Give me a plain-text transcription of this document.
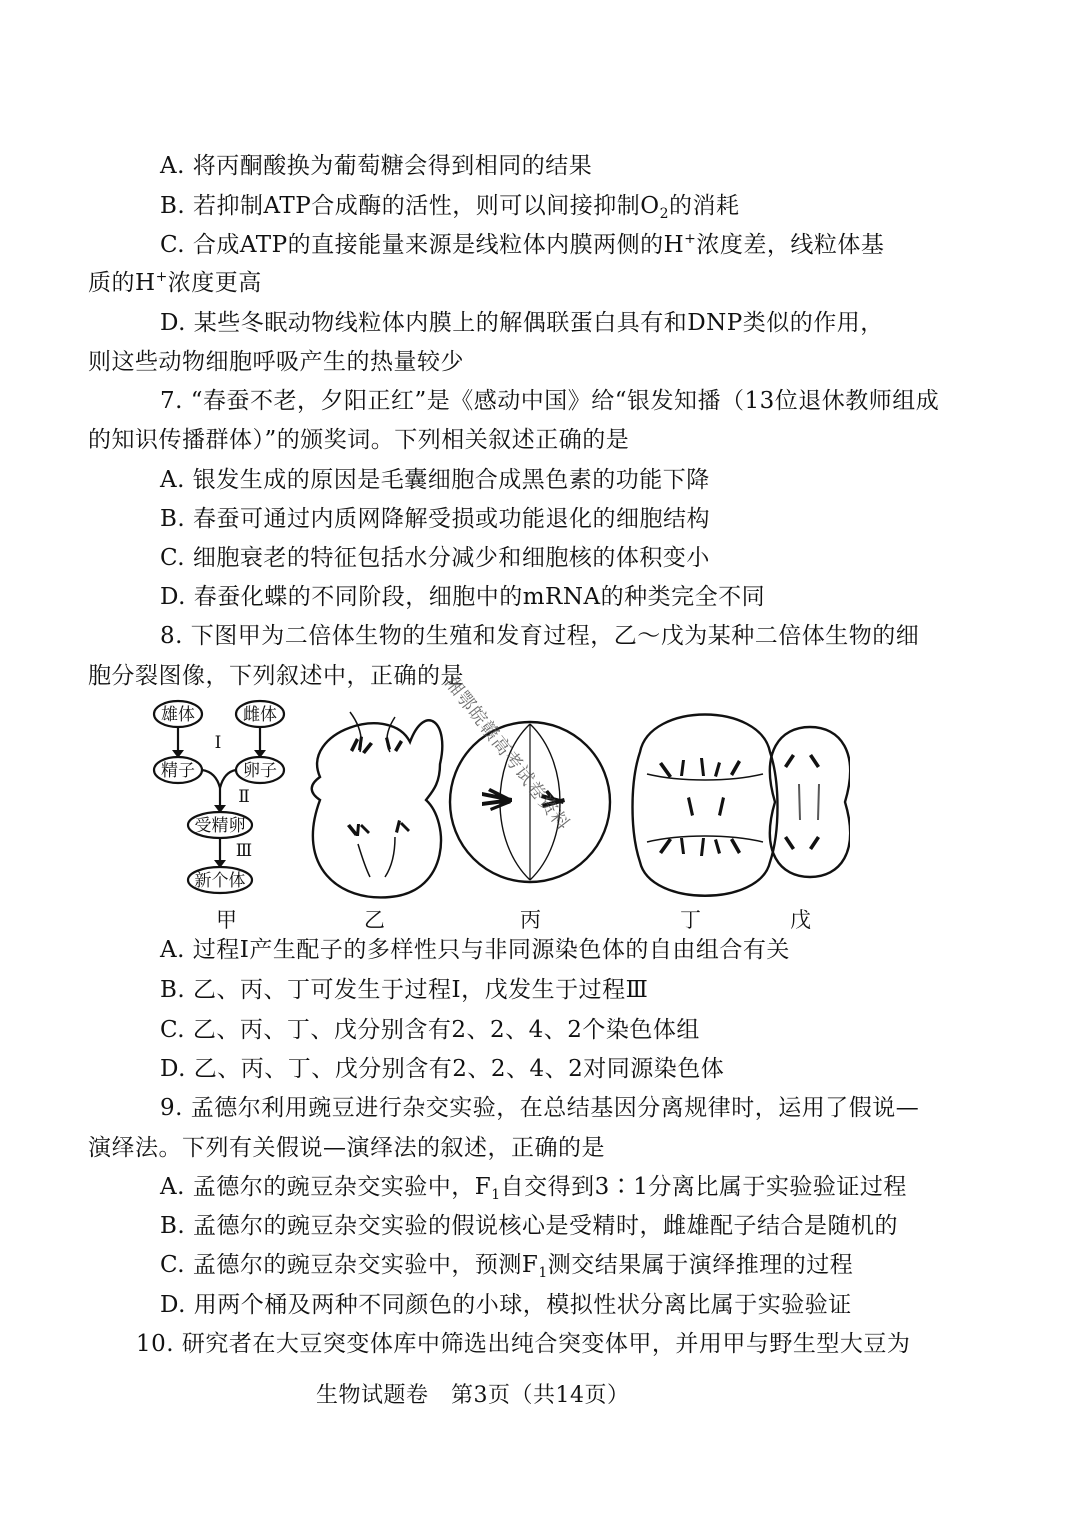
A. 将丙酮酸换为葡萄糖会得到相同的结果
B. 若抑制ATP合成酶的活性，则可以间接抑制$O_2$的消耗
C. 合成ATP的直接能量来源是线粒体内膜两侧的H+浓度差，线粒体基
质的H+浓度更高
D. 某些冬眠动物线粒体内膜上的解偶联蛋白具有和DNP类似的作用，
则这些动物细胞呼吸产生的热量较少
7. “春蚕不老，夕阳正红”是《感动中国》给“银发知播（13位退休教师组成
的知识传播群体）”的颁奖词。下列相关叙述正确的是
A. 银发生成的原因是毛囊细胞合成黑色素的功能下降
B. 春蚕可通过内质网降解受损或功能退化的细胞结构
C. 细胞衰老的特征包括水分减少和细胞核的体积变小
D. 春蚕化蝶的不同阶段，细胞中的mRNA的种类完全不同
8. 下图甲为二倍体生物的生殖和发育过程，乙～戊为某种二倍体生物的细
胞分裂图像，下列叙述中，正确的是
雄体	雌体
精子	卵子
受精卵
新个体
Ⅰ
Ⅱ
Ⅲ
甲	乙	丙	丁	戊
湘鄂皖赣高考试卷资料
A. 过程Ⅰ产生配子的多样性只与非同源染色体的自由组合有关
B. 乙、丙、丁可发生于过程Ⅰ，戊发生于过程Ⅲ
C. 乙、丙、丁、戊分别含有2、2、4、2个染色体组
D. 乙、丙、丁、戊分别含有2、2、4、2对同源染色体
9. 孟德尔利用豌豆进行杂交实验，在总结基因分离规律时，运用了假说—
演绎法。下列有关假说—演绎法的叙述，正确的是
A. 孟德尔的豌豆杂交实验中，$F_1$自交得到3∶1分离比属于实验验证过程
B. 孟德尔的豌豆杂交实验的假说核心是受精时，雌雄配子结合是随机的
C. 孟德尔的豌豆杂交实验中，预测$F_1$测交结果属于演绎推理的过程
D. 用两个桶及两种不同颜色的小球，模拟性状分离比属于实验验证
10. 研究者在大豆突变体库中筛选出纯合突变体甲，并用甲与野生型大豆为
生物试题卷　第3页（共14页）
